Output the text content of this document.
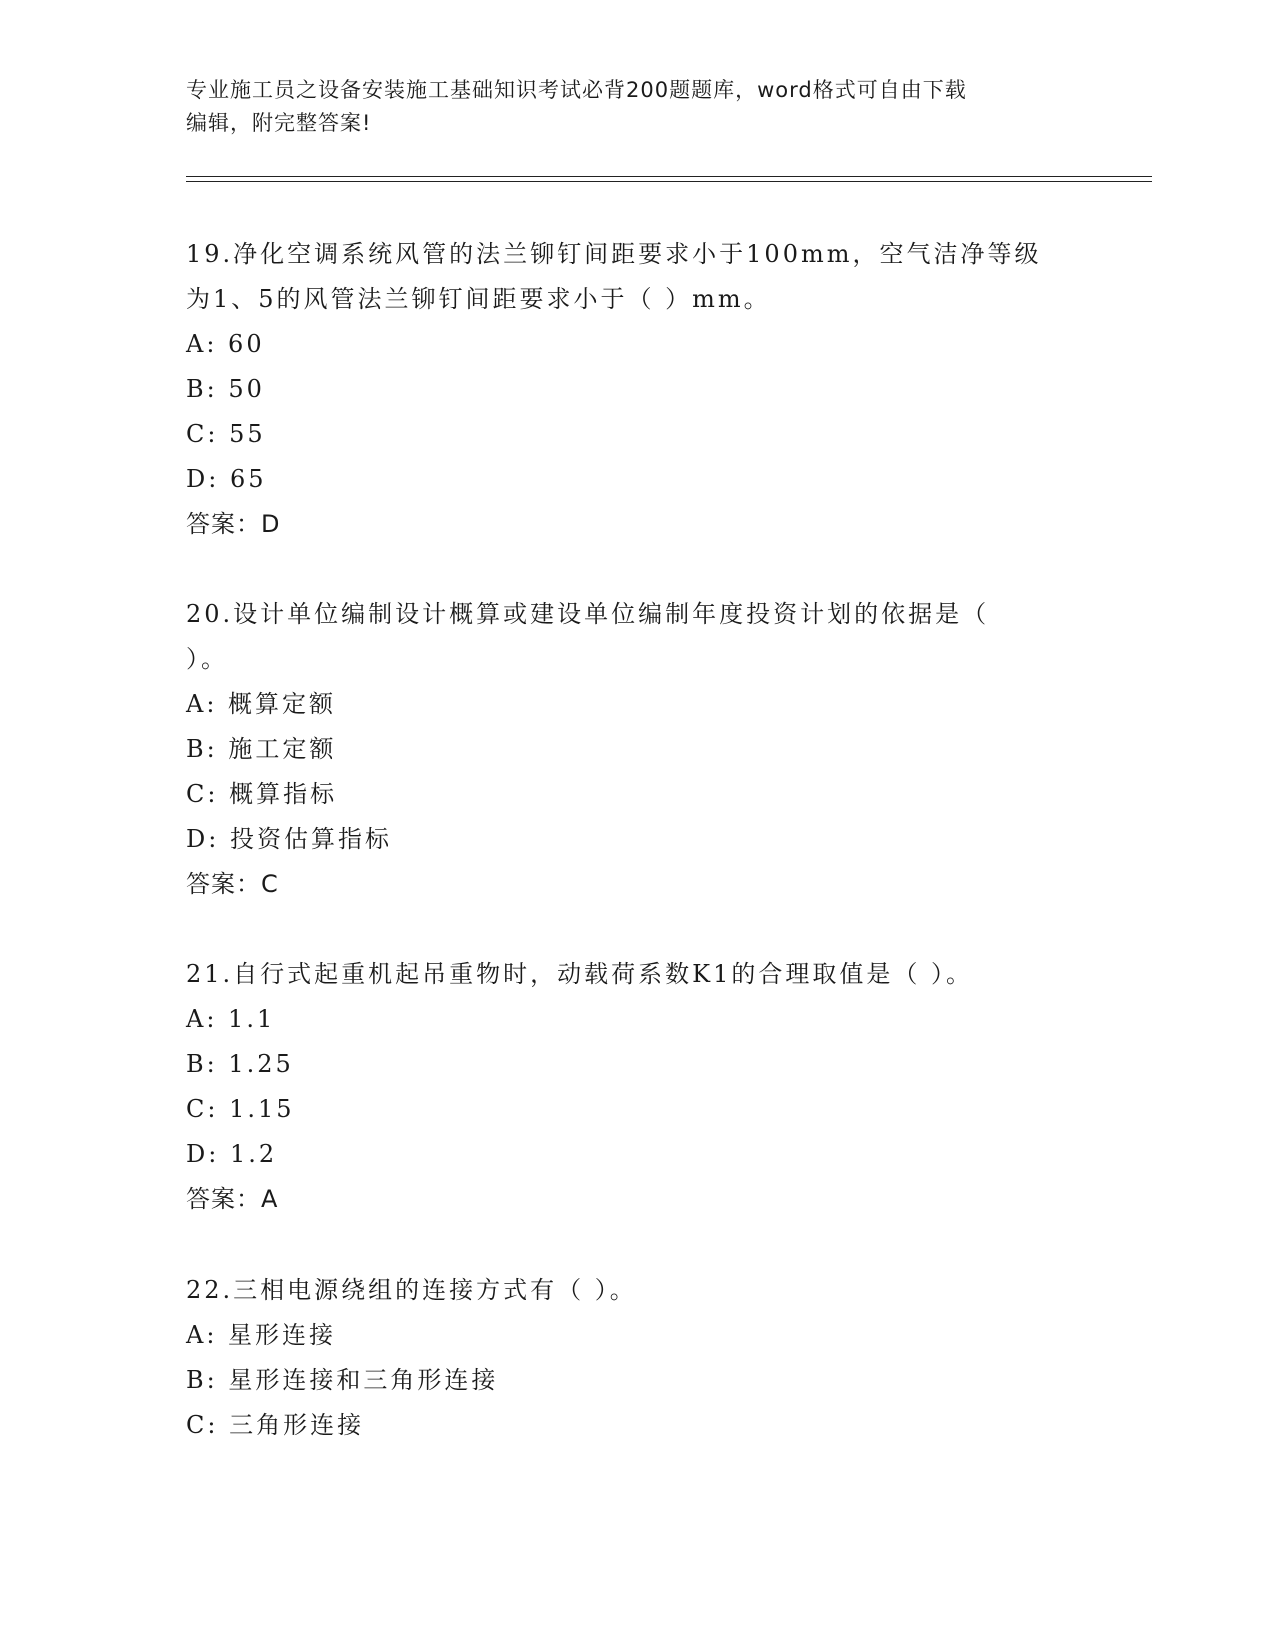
专业施工员之设备安装施工基础知识考试必背200题题库，word格式可自由下载
编辑，附完整答案!
19.净化空调系统风管的法兰铆钉间距要求小于100mm，空气洁净等级
为1、5的风管法兰铆钉间距要求小于（ ）mm。
A: 60
B: 50
C: 55
D: 65
答案：D
20.设计单位编制设计概算或建设单位编制年度投资计划的依据是（
）。
A: 概算定额
B: 施工定额
C: 概算指标
D: 投资估算指标
答案：C
21.自行式起重机起吊重物时，动载荷系数K1的合理取值是（ ）。
A: 1.1
B: 1.25
C: 1.15
D: 1.2
答案：A
22.三相电源绕组的连接方式有（ ）。
A: 星形连接
B: 星形连接和三角形连接
C: 三角形连接
